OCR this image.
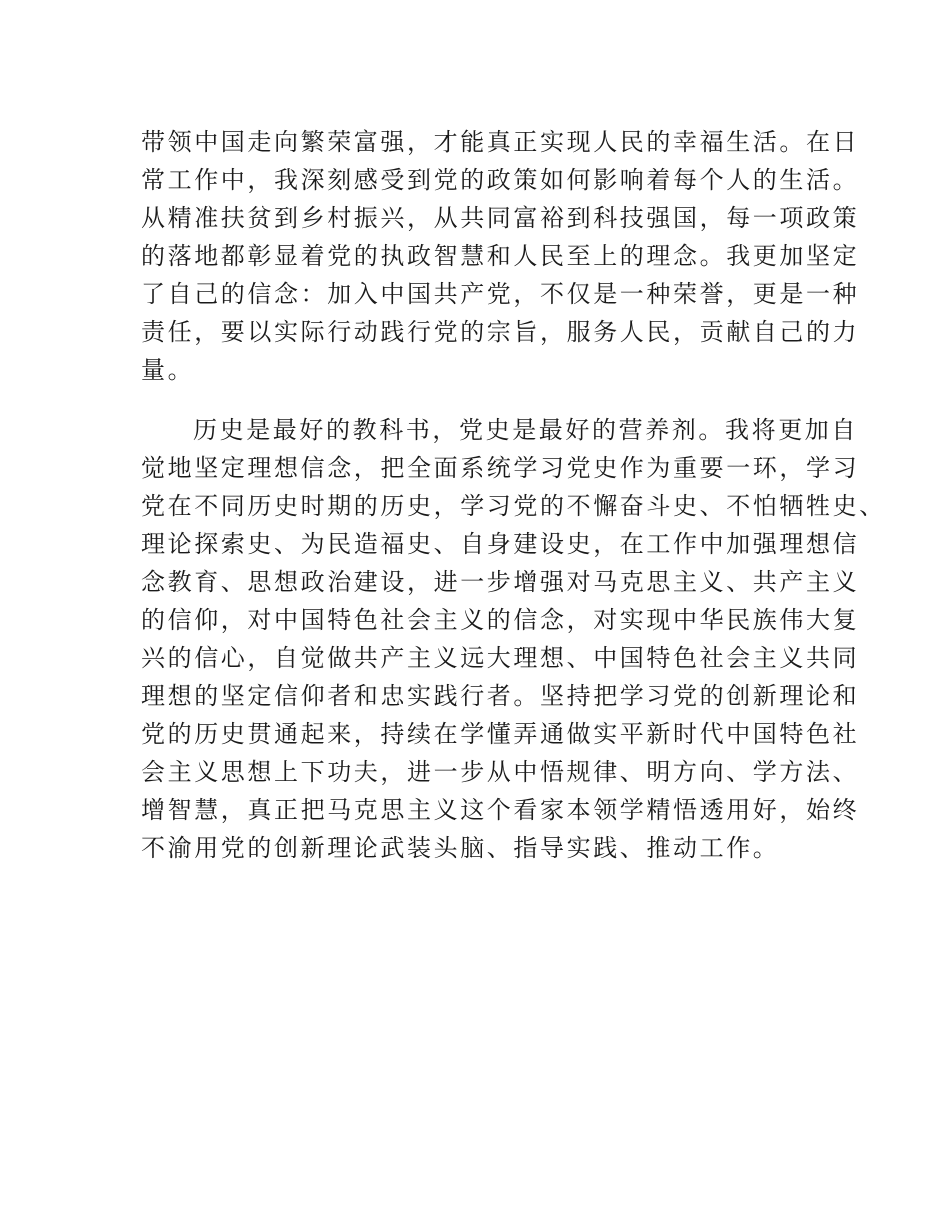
带领中国走向繁荣富强，才能真正实现人民的幸福生活。在日
常工作中，我深刻感受到党的政策如何影响着每个人的生活。
从精准扶贫到乡村振兴，从共同富裕到科技强国，每一项政策
的落地都彰显着党的执政智慧和人民至上的理念。我更加坚定
了自己的信念：加入中国共产党，不仅是一种荣誉，更是一种
责任，要以实际行动践行党的宗旨，服务人民，贡献自己的力
量。

历史是最好的教科书，党史是最好的营养剂。我将更加自
觉地坚定理想信念，把全面系统学习党史作为重要一环，学习
党在不同历史时期的历史，学习党的不懈奋斗史、不怕牺牲史、
理论探索史、为民造福史、自身建设史，在工作中加强理想信
念教育、思想政治建设，进一步增强对马克思主义、共产主义
的信仰，对中国特色社会主义的信念，对实现中华民族伟大复
兴的信心，自觉做共产主义远大理想、中国特色社会主义共同
理想的坚定信仰者和忠实践行者。坚持把学习党的创新理论和
党的历史贯通起来，持续在学懂弄通做实平新时代中国特色社
会主义思想上下功夫，进一步从中悟规律、明方向、学方法、
增智慧，真正把马克思主义这个看家本领学精悟透用好，始终
不渝用党的创新理论武装头脑、指导实践、推动工作。
